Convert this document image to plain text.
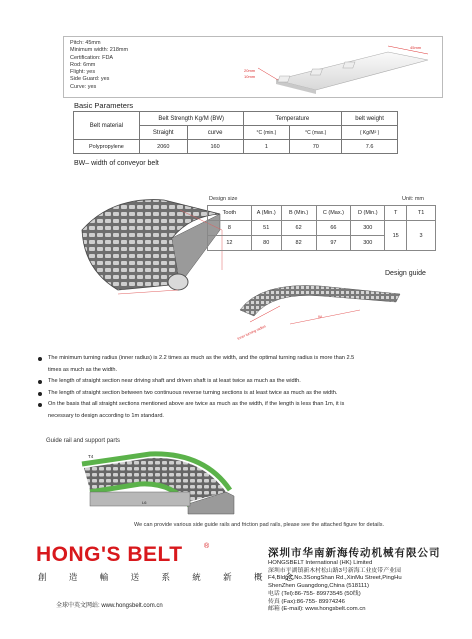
Pitch: 45mm
Minimum width: 218mm
Certification: FDA
Rod: 6mm
Flight: yes
Side Guard: yes
Curve: yes
45mm
20mm
10mm
Basic Parameters
Belt material	Belt Strength Kg/M (BW)		Temperature		belt weight
	Straight	curve	°C (min.)	°C (max.)	( Kg/M² )
Polypropylene	2060	160	1	70	7.6
BW– width of conveyor belt
Design size	Unit: mm
Tooth	A (Min.)	B (Min.)	C (Max.)	D (Min.)	T	T1
8	51	62	66	300	15	3
12	80	82	97	300		
Design guide
Inner turning radius
W
The minimum turning radius (inner radius) is 2.2 times as much as the width, and the optimal turning radius is more than 2.5
times as much as the width.
The length of straight section near driving shaft and driven shaft is at least twice as much as the width.
The length of straight section between two continuous reverse turning sections is at least twice as much as the width.
On the basis that all straight sections mentioned above are twice as much as the width, if the length is less than 1m, it is
necessary to design according to 1m standard.
Guide rail and support parts
T4
L6
We can provide various side guide rails and friction pad rails, please see the attached figure for details.
HONG'S BELT	®
創 造 輸 送 系 統 新 概 念
全球中英文网站: www.hongsbelt.com.cn
深圳市华南新海传动机械有限公司
HONGSBELT International (HK) Limited
深圳市平湖镇新木村松山路3号新海工业皮带产业园
F4,BldgC,No.3SongShan Rd.,XinMu Street,PingHu
ShenZhen Guangdong,China (518111)
电话 (Tel):86-755- 89973545 (50线)
传真 (Fax):86-755- 89974246
邮箱 (E-mail): www.hongsbelt.com.cn
